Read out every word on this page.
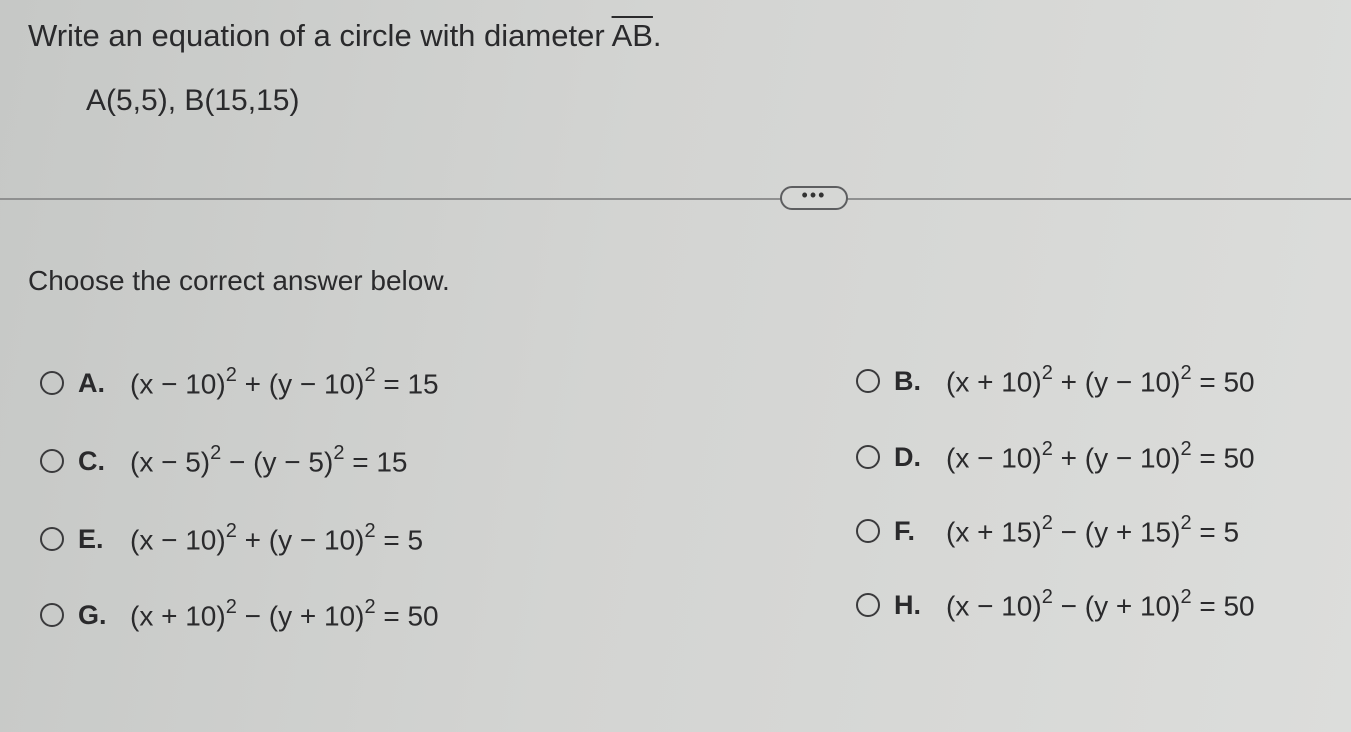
Write an equation of a circle with diameter $\overline{AB}$.
A(5,5), B(15,15)
•••
Choose the correct answer below.
A. $(x - 10)^2 + (y - 10)^2 = 15$
C. $(x - 5)^2 - (y - 5)^2 = 15$
E. $(x - 10)^2 + (y - 10)^2 = 5$
G. $(x + 10)^2 - (y + 10)^2 = 50$
B. $(x + 10)^2 + (y - 10)^2 = 50$
D. $(x - 10)^2 + (y - 10)^2 = 50$
F.	$(x + 15)^2 - (y + 15)^2 = 5$
H. $(x - 10)^2 - (y + 10)^2 = 50$
